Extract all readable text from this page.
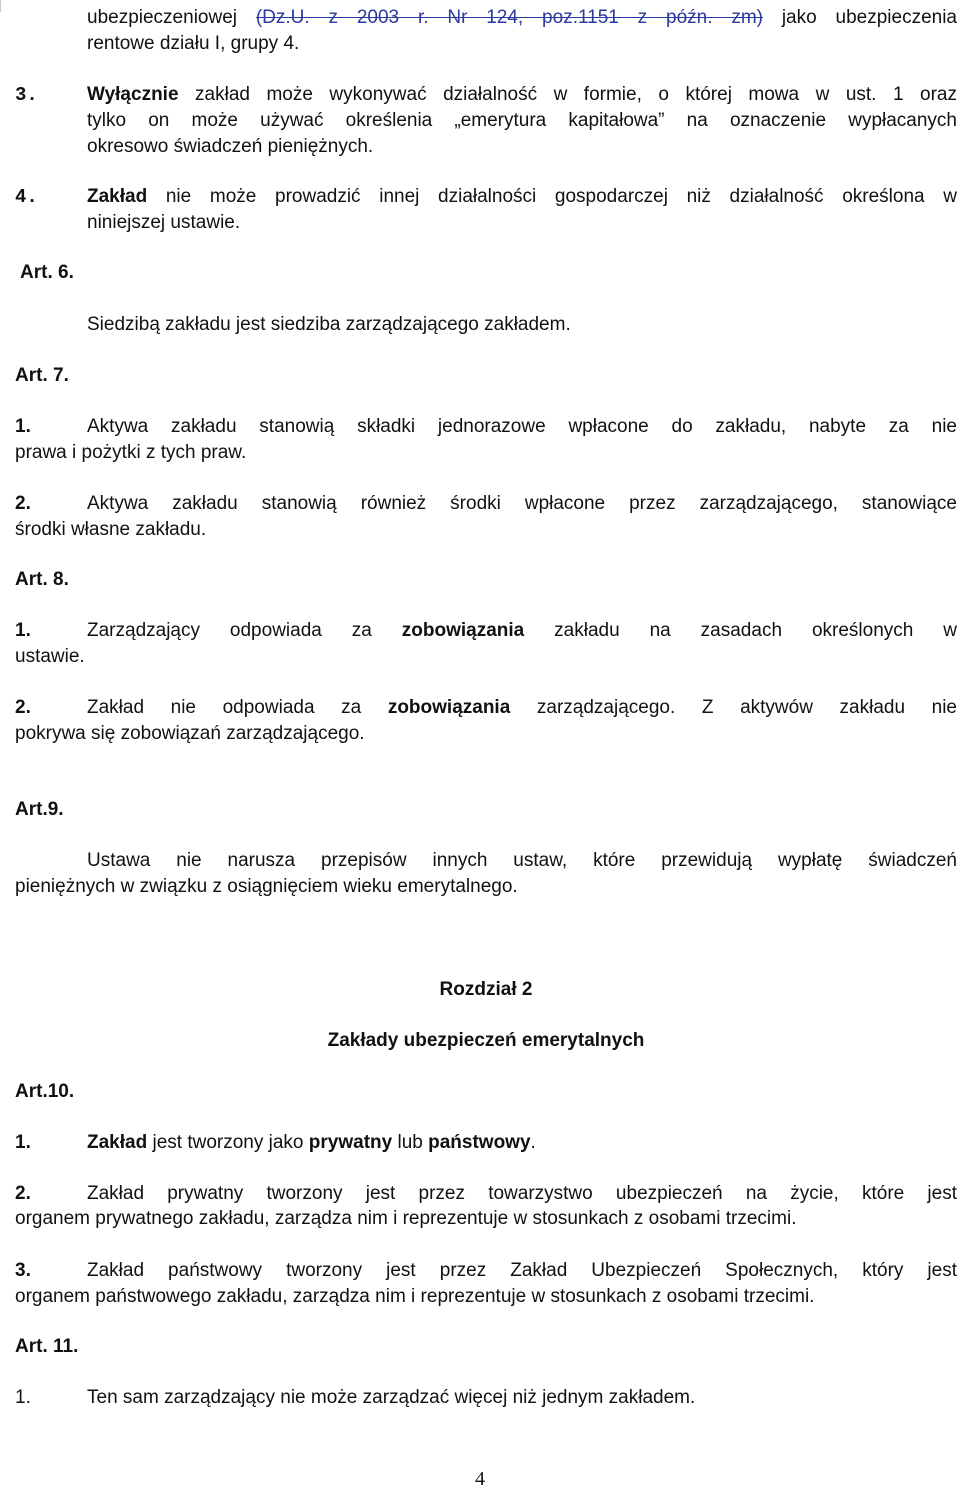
ubezpieczeniowej (Dz.U. z 2003 r. Nr 124, poz.1151 z późn. zm) jako ubezpieczenia
rentowe działu I, grupy 4.
3.	Wyłącznie zakład może wykonywać działalność w formie, o której mowa w ust. 1 oraz
tylko on może używać określenia „emerytura kapitałowa” na oznaczenie wypłacanych
okresowo świadczeń pieniężnych.
4.	Zakład nie może prowadzić innej działalności gospodarczej niż działalność określona w
niniejszej ustawie.
Art. 6.
Siedzibą zakładu jest siedziba zarządzającego zakładem.
Art. 7.
1.	Aktywa zakładu stanowią składki jednorazowe wpłacone do zakładu, nabyte za nie
prawa i pożytki z tych praw.
2.	Aktywa zakładu stanowią również środki wpłacone przez zarządzającego, stanowiące
środki własne zakładu.
Art. 8.
1.	Zarządzający odpowiada za zobowiązania zakładu na zasadach określonych w
ustawie.
2.	Zakład nie odpowiada za zobowiązania zarządzającego. Z aktywów zakładu nie
pokrywa się zobowiązań zarządzającego.
Art.9.
Ustawa nie narusza przepisów innych ustaw, które przewidują wypłatę świadczeń
pieniężnych w związku z osiągnięciem wieku emerytalnego.
Rozdział 2
Zakłady ubezpieczeń emerytalnych
Art.10.
1.	Zakład jest tworzony jako prywatny lub państwowy.
2.	Zakład prywatny tworzony jest przez towarzystwo ubezpieczeń na życie, które jest
organem prywatnego zakładu, zarządza nim i reprezentuje w stosunkach z osobami trzecimi.
3.	Zakład państwowy tworzony jest przez Zakład Ubezpieczeń Społecznych, który jest
organem państwowego zakładu, zarządza nim i reprezentuje w stosunkach z osobami trzecimi.
Art. 11.
1.	Ten sam zarządzający nie może zarządzać więcej niż jednym zakładem.
4
